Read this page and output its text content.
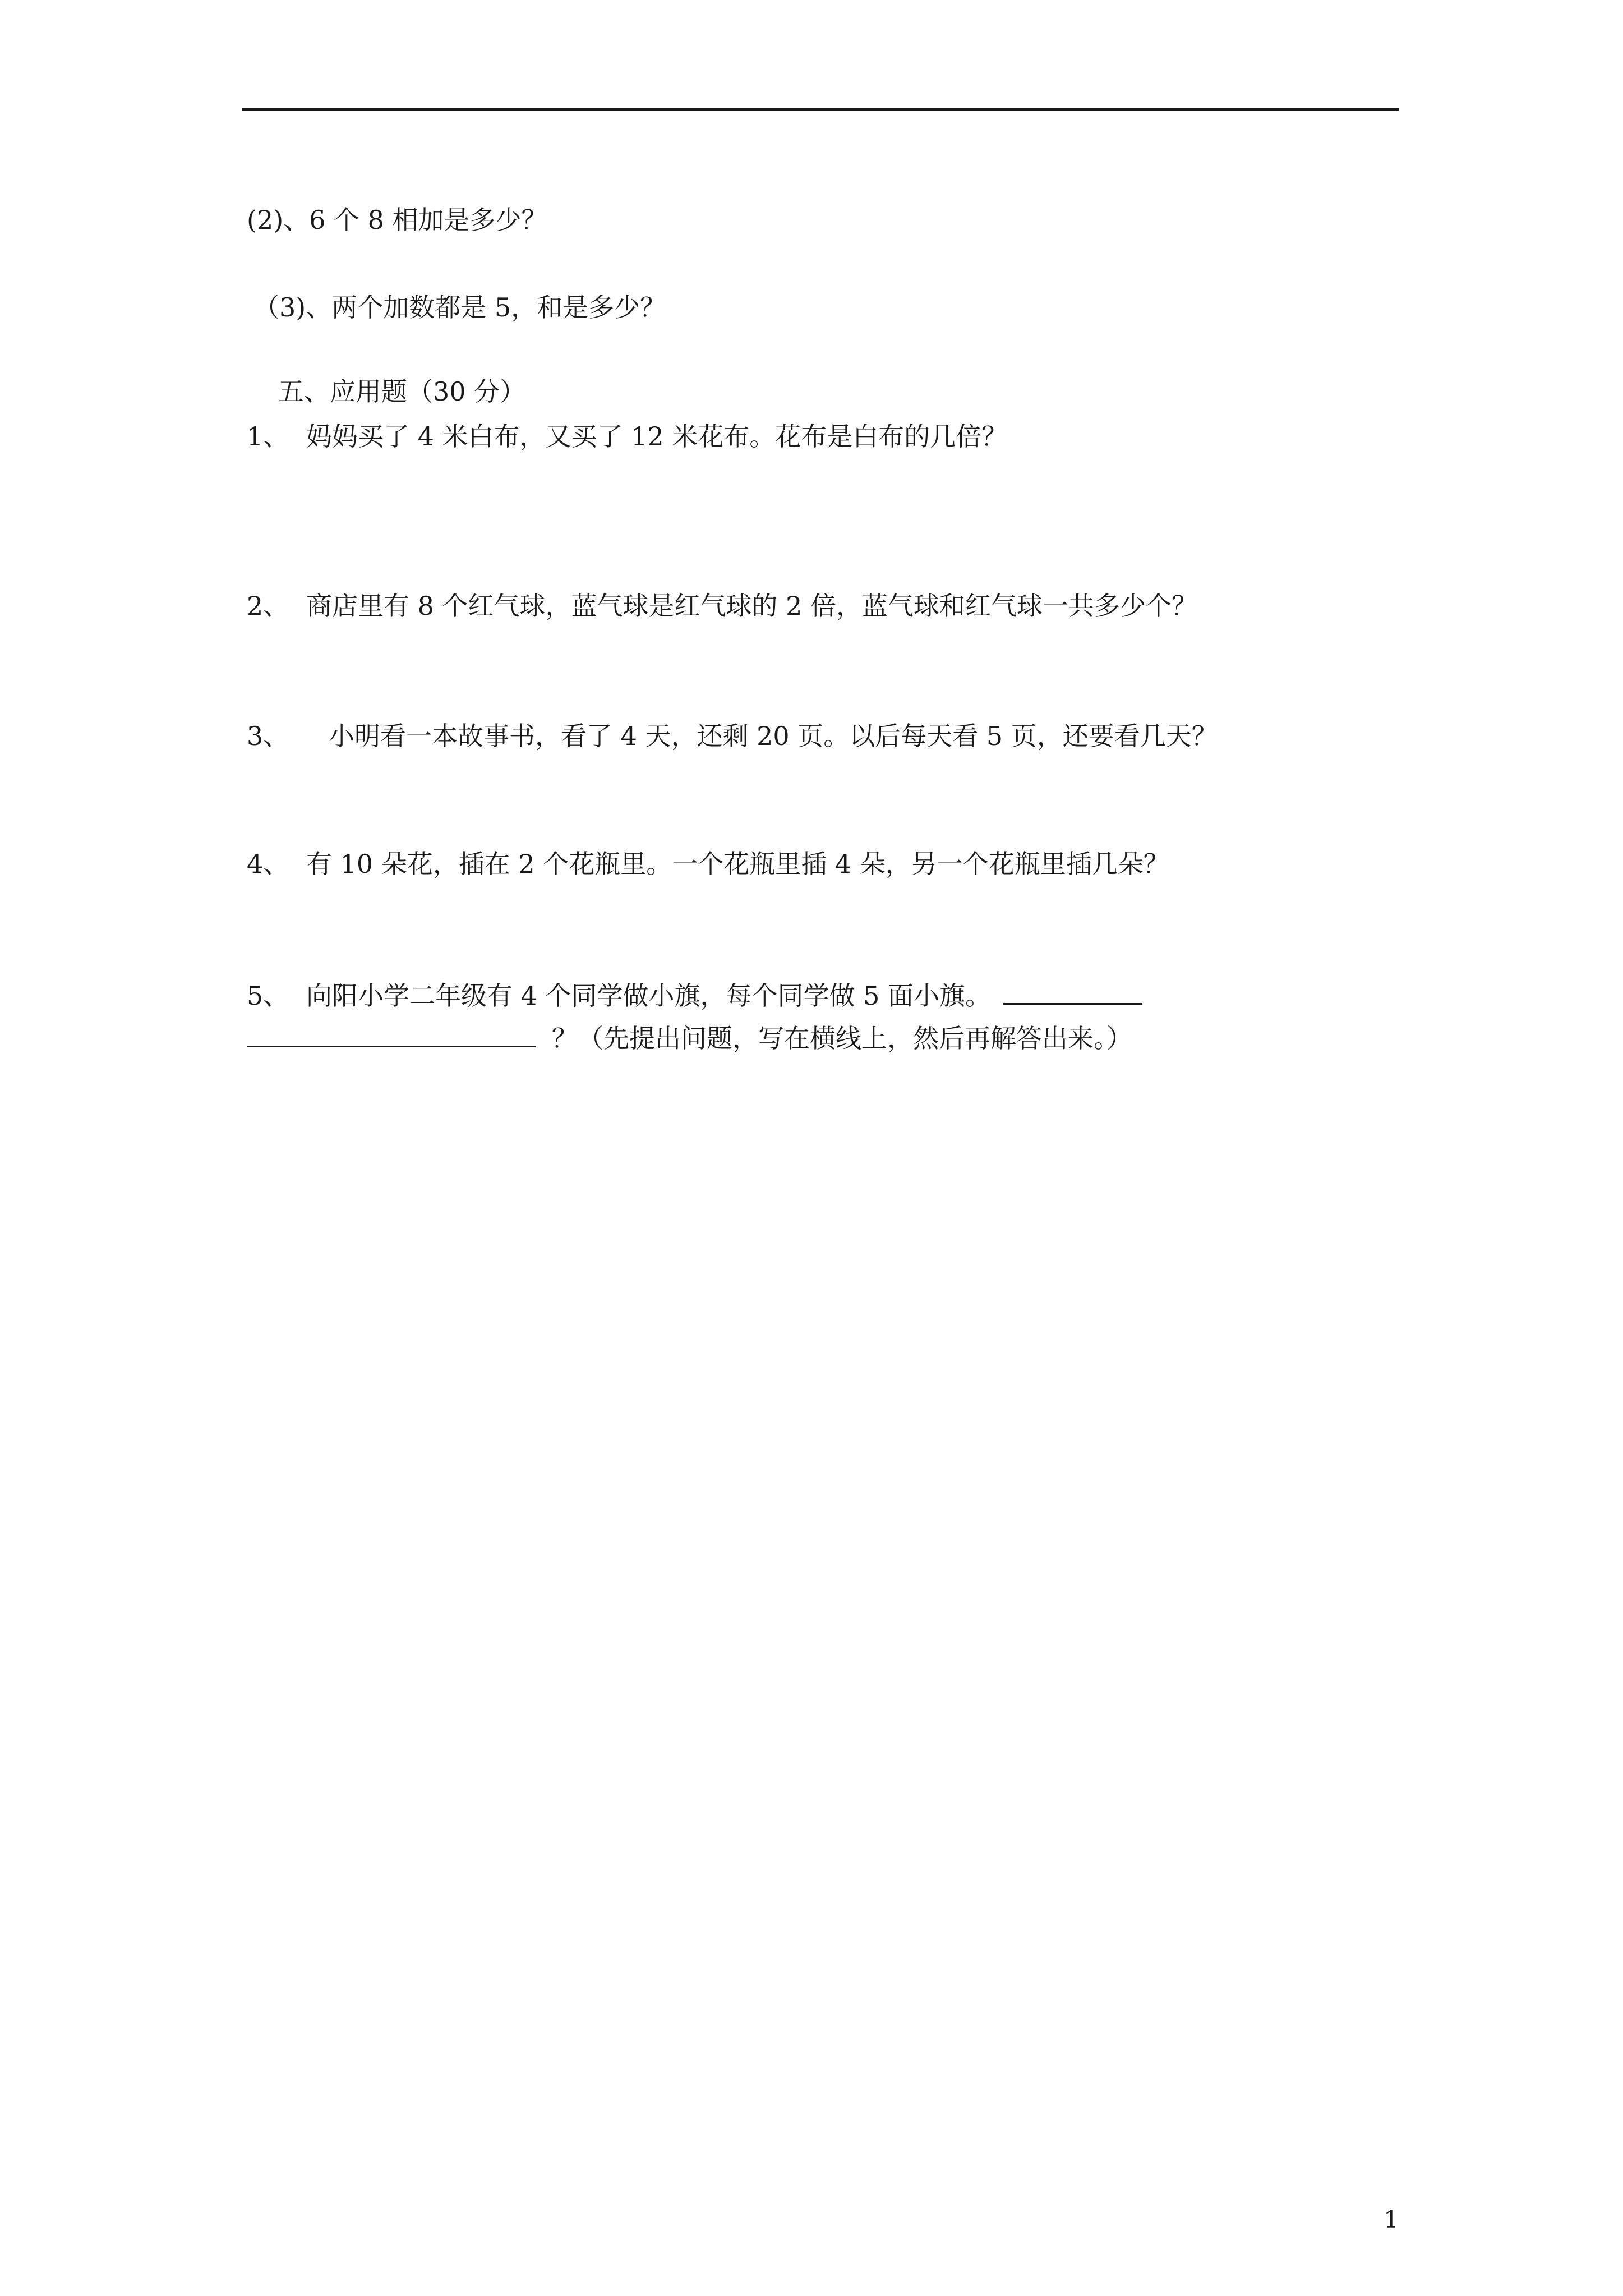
(2)、6 个 8 相加是多少？
（3)、两个加数都是 5，和是多少？
五、应用题（30 分）
1、 妈妈买了 4 米白布，又买了 12 米花布。花布是白布的几倍？
2、 商店里有 8 个红气球，蓝气球是红气球的 2 倍，蓝气球和红气球一共多少个？
3、 小明看一本故事书，看了 4 天，还剩 20 页。以后每天看 5 页，还要看几天？
4、 有 10 朵花，插在 2 个花瓶里。一个花瓶里插 4 朵，另一个花瓶里插几朵？
5、 向阳小学二年级有 4 个同学做小旗，每个同学做 5 面小旗。
？（先提出问题，写在横线上，然后再解答出来。）
1
